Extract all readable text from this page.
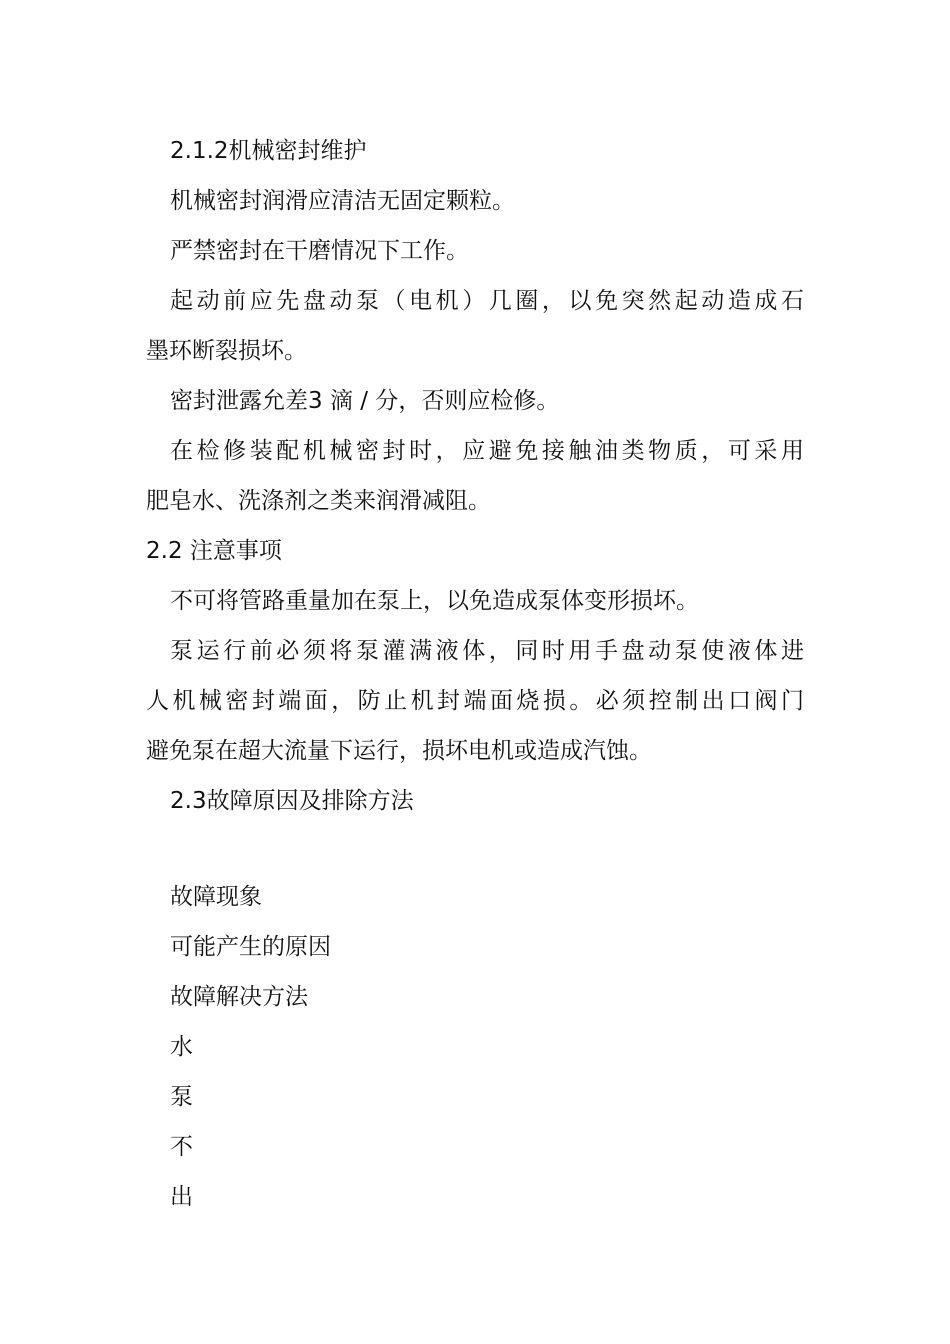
2.1.2机械密封维护
机械密封润滑应清洁无固定颗粒。
严禁密封在干磨情况下工作。
起动前应先盘动泵（电机）几圈，以免突然起动造成石
墨环断裂损坏。
密封泄露允差3 滴 / 分，否则应检修。
在检修装配机械密封时，应避免接触油类物质，可采用
肥皂水、洗涤剂之类来润滑减阻。
2.2 注意事项
不可将管路重量加在泵上，以免造成泵体变形损坏。
泵运行前必须将泵灌满液体，同时用手盘动泵使液体进
人机械密封端面，防止机封端面烧损。必须控制出口阀门
避免泵在超大流量下运行，损坏电机或造成汽蚀。
2.3故障原因及排除方法
故障现象
可能产生的原因
故障解决方法
水
泵
不
出
